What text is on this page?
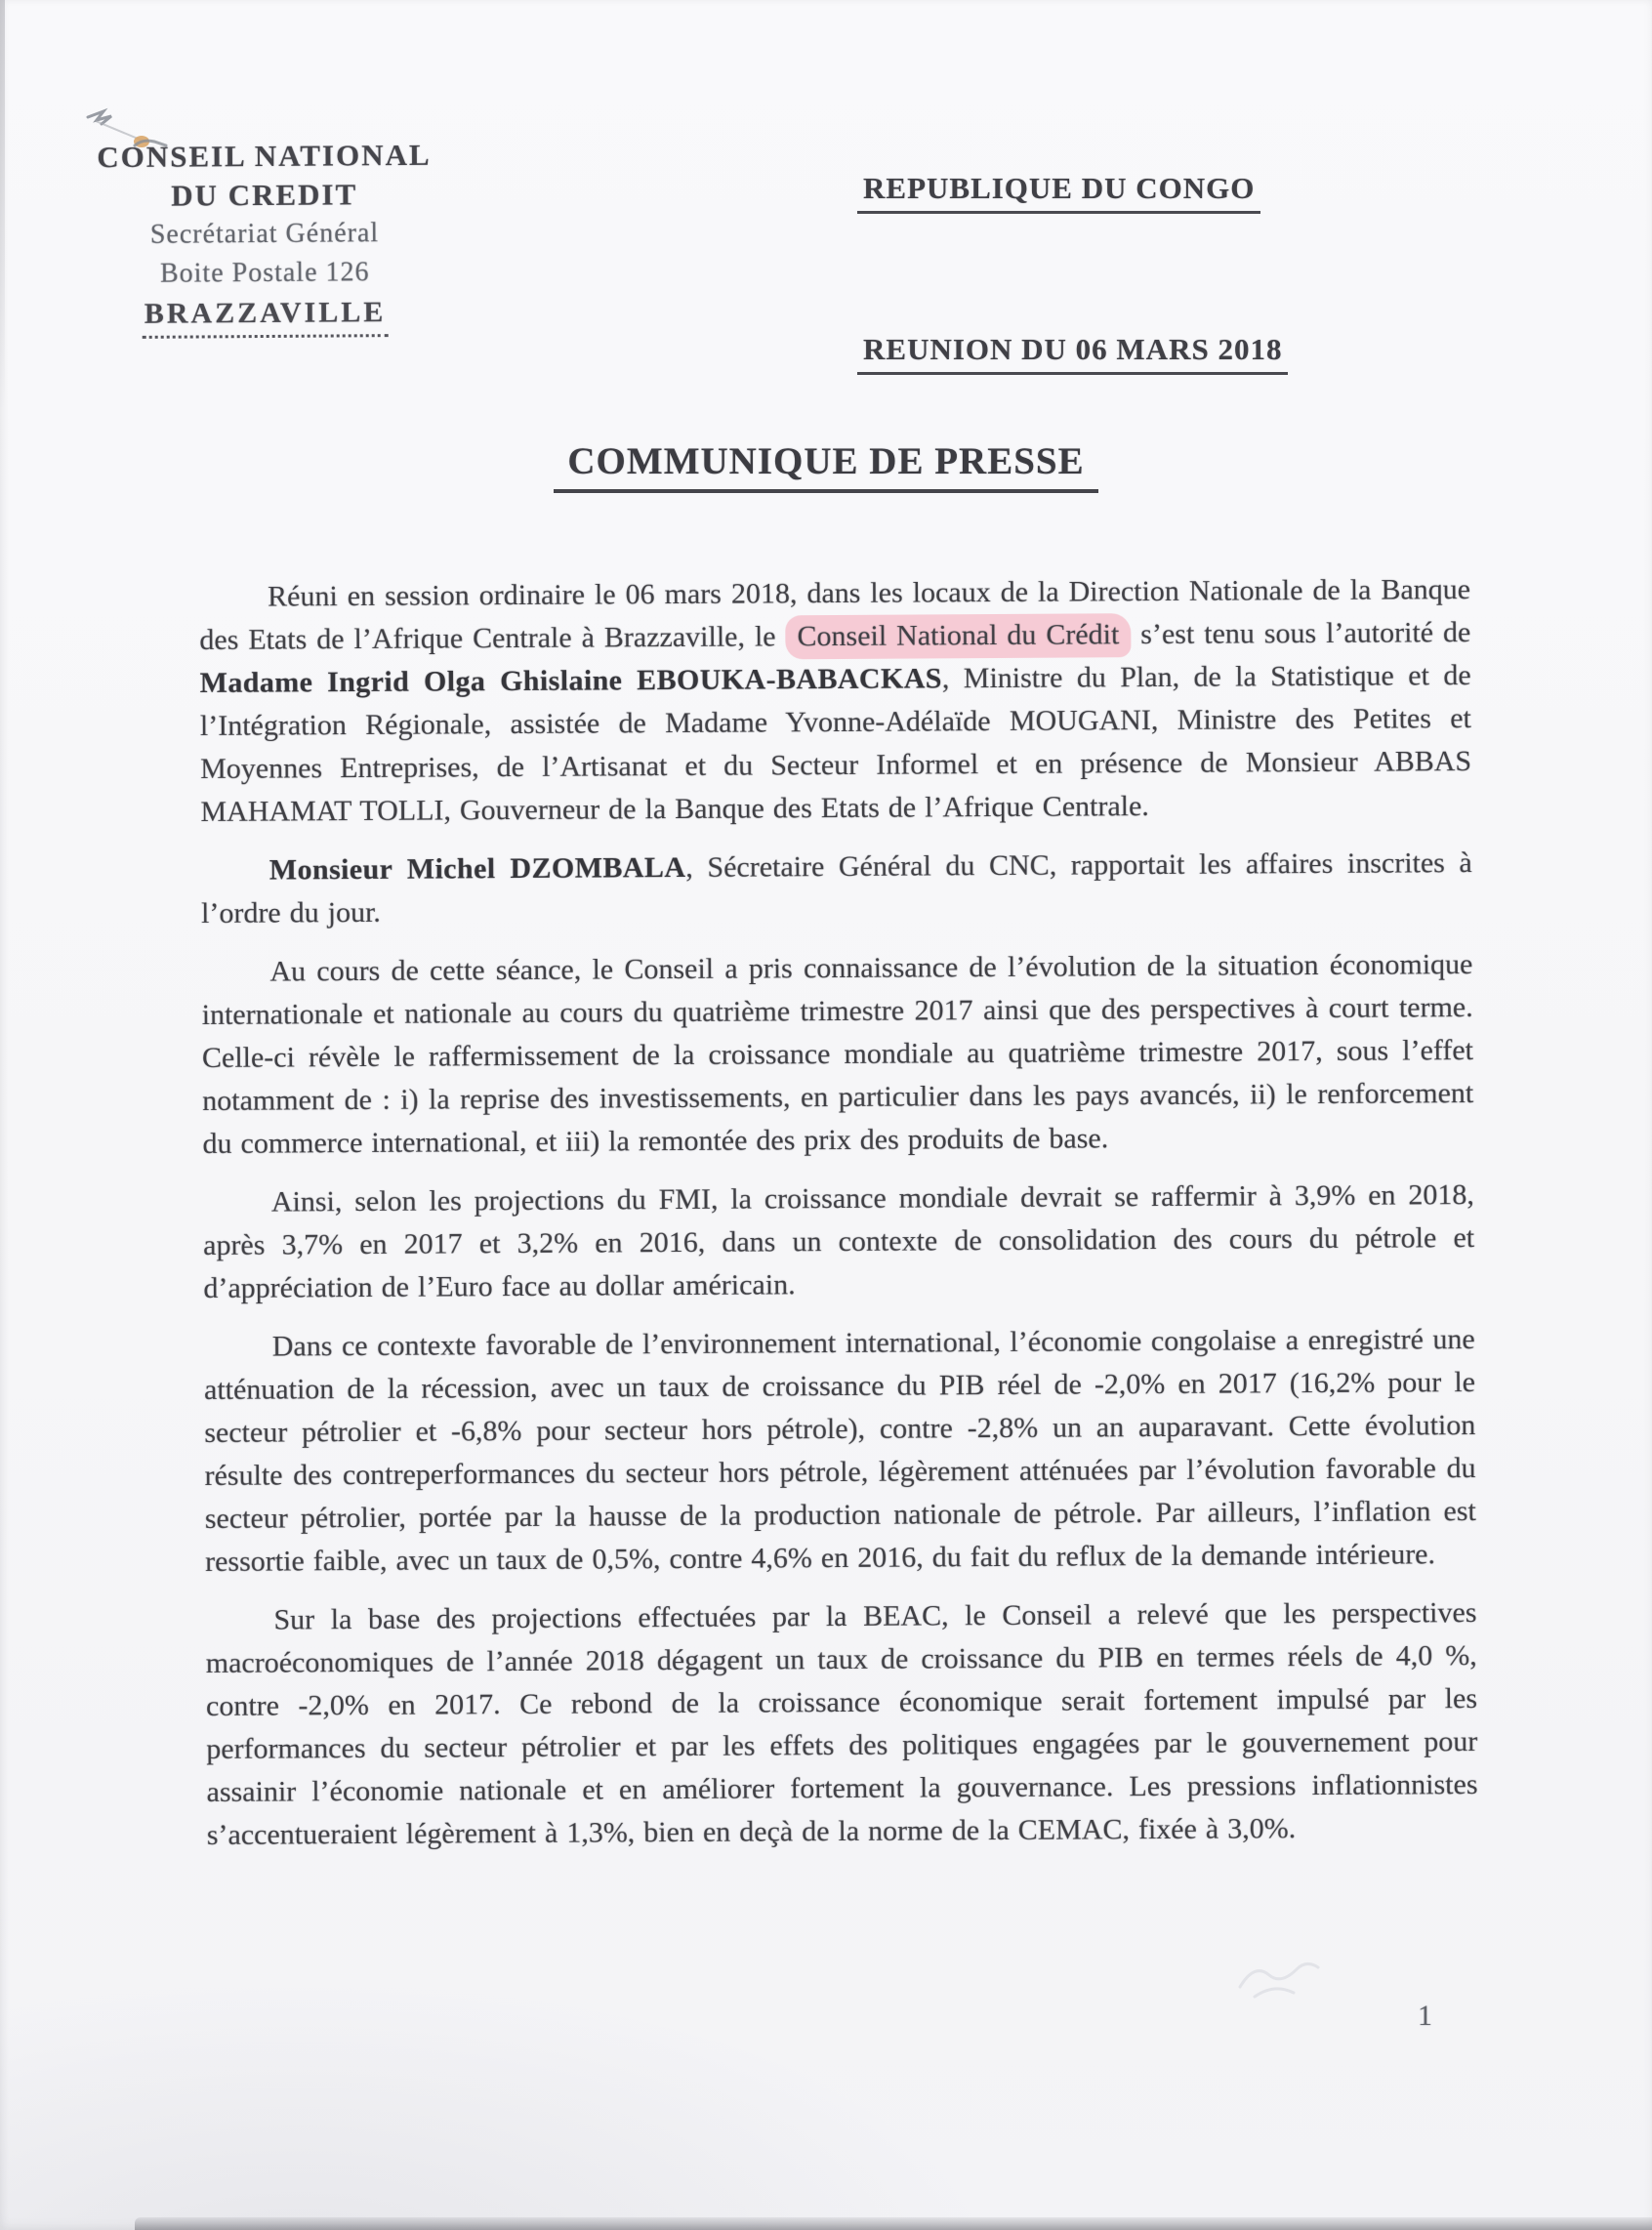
CONSEIL NATIONAL
DU CREDIT
Secrétariat Général
Boite Postale 126
BRAZZAVILLE
REPUBLIQUE DU CONGO
REUNION DU 06 MARS 2018
COMMUNIQUE DE PRESSE

Réuni en session ordinaire le 06 mars 2018, dans les locaux de la Direction Nationale de la Banque des Etats de l’Afrique Centrale à Brazzaville, le Conseil National du Crédit s’est tenu sous l’autorité de Madame Ingrid Olga Ghislaine EBOUKA-BABACKAS, Ministre du Plan, de la Statistique et de l’Intégration Régionale, assistée de Madame Yvonne-Adélaïde MOUGANI, Ministre des Petites et Moyennes Entreprises, de l’Artisanat et du Secteur Informel et en présence de Monsieur ABBAS MAHAMAT TOLLI, Gouverneur de la Banque des Etats de l’Afrique Centrale.

Monsieur Michel DZOMBALA, Sécretaire Général du CNC, rapportait les affaires inscrites à l’ordre du jour.

Au cours de cette séance, le Conseil a pris connaissance de l’évolution de la situation économique internationale et nationale au cours du quatrième trimestre 2017 ainsi que des perspectives à court terme. Celle-ci révèle le raffermissement de la croissance mondiale au quatrième trimestre 2017, sous l’effet notamment de : i) la reprise des investissements, en particulier dans les pays avancés, ii) le renforcement du commerce international, et iii) la remontée des prix des produits de base.

Ainsi, selon les projections du FMI, la croissance mondiale devrait se raffermir à 3,9% en 2018, après 3,7% en 2017 et 3,2% en 2016, dans un contexte de consolidation des cours du pétrole et d’appréciation de l’Euro face au dollar américain.

Dans ce contexte favorable de l’environnement international, l’économie congolaise a enregistré une atténuation de la récession, avec un taux de croissance du PIB réel de -2,0% en 2017 (16,2% pour le secteur pétrolier et -6,8% pour secteur hors pétrole), contre -2,8% un an auparavant. Cette évolution résulte des contreperformances du secteur hors pétrole, légèrement atténuées par l’évolution favorable du secteur pétrolier, portée par la hausse de la production nationale de pétrole. Par ailleurs, l’inflation est ressortie faible, avec un taux de 0,5%, contre 4,6% en 2016, du fait du reflux de la demande intérieure.

Sur la base des projections effectuées par la BEAC, le Conseil a relevé que les perspectives macroéconomiques de l’année 2018 dégagent un taux de croissance du PIB en termes réels de 4,0 %, contre -2,0% en 2017. Ce rebond de la croissance économique serait fortement impulsé par les performances du secteur pétrolier et par les effets des politiques engagées par le gouvernement pour assainir l’économie nationale et en améliorer fortement la gouvernance. Les pressions inflationnistes s’accentueraient légèrement à 1,3%, bien en deçà de la norme de la CEMAC, fixée à 3,0%.

1
